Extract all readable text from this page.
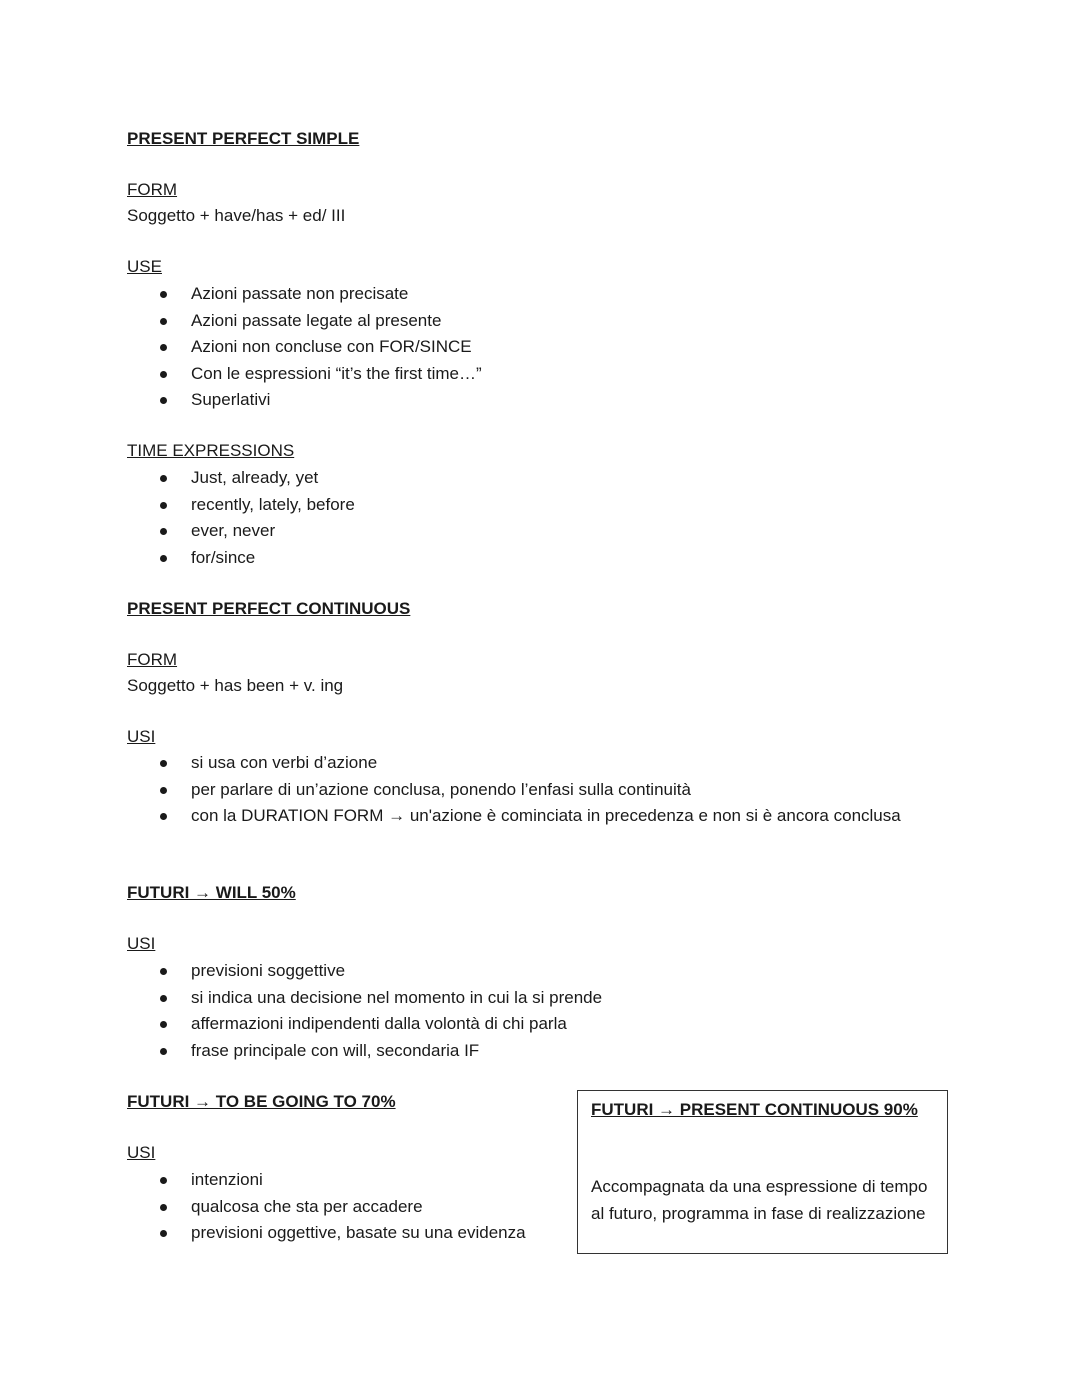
PRESENT PERFECT SIMPLE
FORM
Soggetto + have/has + ed/ III
USE
Azioni passate non precisate
Azioni passate legate al presente
Azioni non concluse con FOR/SINCE
Con le espressioni “it’s the first time…”
Superlativi
TIME EXPRESSIONS
Just, already, yet
recently, lately, before
ever, never
for/since
PRESENT PERFECT CONTINUOUS
FORM
Soggetto + has been + v. ing
USI
si usa con verbi d’azione
per parlare di un’azione conclusa, ponendo l’enfasi sulla continuità
con la DURATION FORM → un'azione è cominciata in precedenza e non si è ancora conclusa
FUTURI → WILL 50%
USI
previsioni soggettive
si indica una decisione nel momento in cui la si prende
affermazioni indipendenti dalla volontà di chi parla
frase principale con will, secondaria IF
FUTURI → TO BE GOING TO 70%
USI
intenzioni
qualcosa che sta per accadere
previsioni oggettive, basate su una evidenza
FUTURI → PRESENT CONTINUOUS 90%
Accompagnata da una espressione di tempo al futuro, programma in fase di realizzazione
